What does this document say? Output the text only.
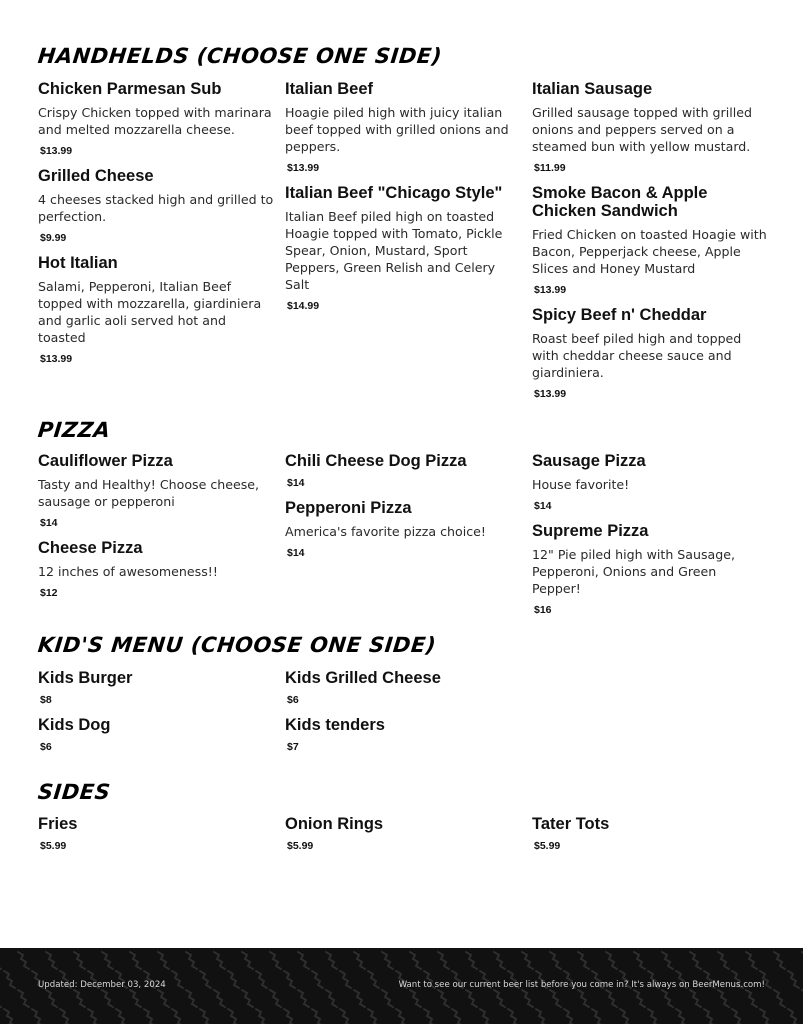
HANDHELDS (CHOOSE ONE SIDE)
Chicken Parmesan Sub
Crispy Chicken topped with marinara and melted mozzarella cheese.
$13.99
Grilled Cheese
4 cheeses stacked high and grilled to perfection.
$9.99
Hot Italian
Salami, Pepperoni, Italian Beef topped with mozzarella, giardiniera and garlic aoli served hot and toasted
$13.99
Italian Beef
Hoagie piled high with juicy italian beef topped with grilled onions and peppers.
$13.99
Italian Beef "Chicago Style"
Italian Beef piled high on toasted Hoagie topped with Tomato, Pickle Spear, Onion, Mustard, Sport Peppers, Green Relish and Celery Salt
$14.99
Italian Sausage
Grilled sausage topped with grilled onions and peppers served on a steamed bun with yellow mustard.
$11.99
Smoke Bacon & Apple Chicken Sandwich
Fried Chicken on toasted Hoagie with Bacon, Pepperjack cheese, Apple Slices and Honey Mustard
$13.99
Spicy Beef n' Cheddar
Roast beef piled high and topped with cheddar cheese sauce and giardiniera.
$13.99
PIZZA
Cauliflower Pizza
Tasty and Healthy! Choose cheese, sausage or pepperoni
$14
Cheese Pizza
12 inches of awesomeness!!
$12
Chili Cheese Dog Pizza
$14
Pepperoni Pizza
America's favorite pizza choice!
$14
Sausage Pizza
House favorite!
$14
Supreme Pizza
12" Pie piled high with Sausage, Pepperoni, Onions and Green Pepper!
$16
KID'S MENU (CHOOSE ONE SIDE)
Kids Burger
$8
Kids Dog
$6
Kids Grilled Cheese
$6
Kids tenders
$7
SIDES
Fries
$5.99
Onion Rings
$5.99
Tater Tots
$5.99
Updated: December 03, 2024	Want to see our current beer list before you come in? It's always on BeerMenus.com!
